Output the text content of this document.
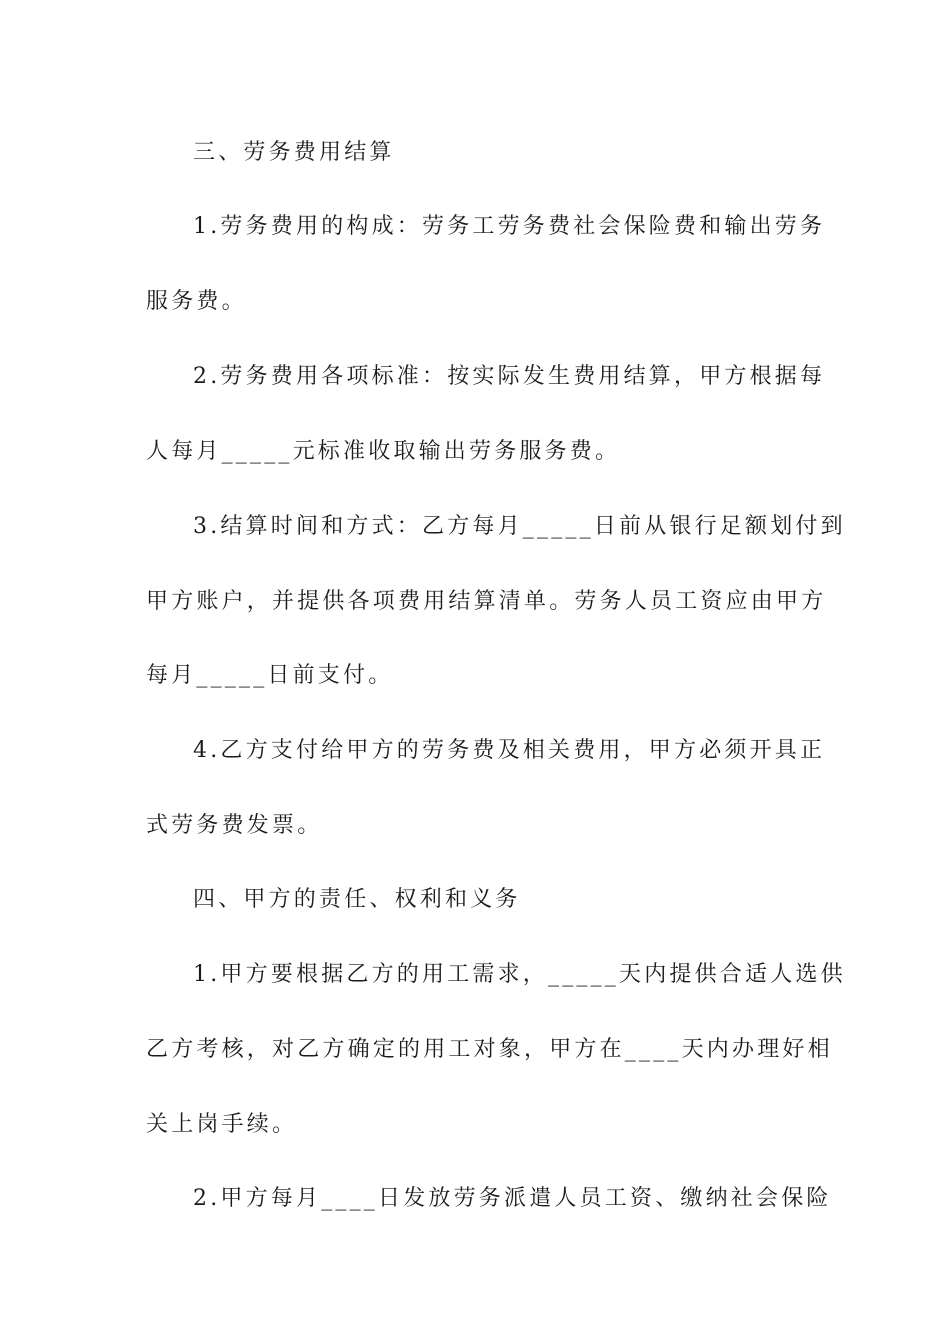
三、劳务费用结算
1.劳务费用的构成：劳务工劳务费社会保险费和输出劳务
服务费。
2.劳务费用各项标准：按实际发生费用结算，甲方根据每
人每月_____元标准收取输出劳务服务费。
3.结算时间和方式：乙方每月_____日前从银行足额划付到
甲方账户，并提供各项费用结算清单。劳务人员工资应由甲方
每月_____日前支付。
4.乙方支付给甲方的劳务费及相关费用，甲方必须开具正
式劳务费发票。
四、甲方的责任、权利和义务
1.甲方要根据乙方的用工需求，_____天内提供合适人选供
乙方考核，对乙方确定的用工对象，甲方在____天内办理好相
关上岗手续。
2.甲方每月____日发放劳务派遣人员工资、缴纳社会保险
